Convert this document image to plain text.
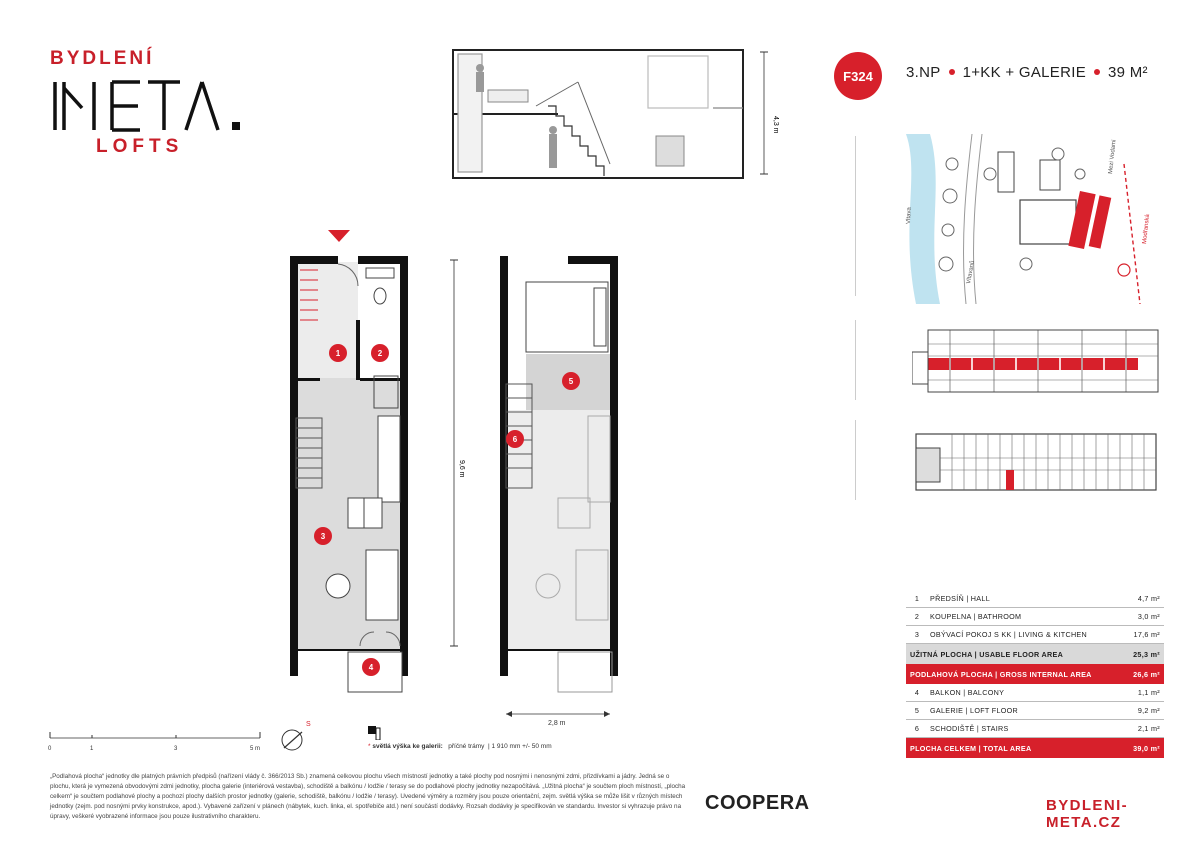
BYDLENÍ
LOFTS
4,3 m
9,6 m
2,8 m
1	2
3
4
5
6
F324	3.NP 1+KK + GALERIE 39 M²
Vltava
Vltavanů
Mezi Vodami
Modřanská
1	PŘEDSÍŇ | HALL	4,7 m²
2	KOUPELNA | BATHROOM	3,0 m²
3	OBÝVACÍ POKOJ S KK | LIVING & KITCHEN	17,6 m²
UŽITNÁ PLOCHA | USABLE FLOOR AREA	25,3 m²
PODLAHOVÁ PLOCHA | GROSS INTERNAL AREA	26,6 m²
4	BALKON | BALCONY	1,1 m²
5	GALERIE | LOFT FLOOR	9,2 m²
6	SCHODIŠTĚ | STAIRS	2,1 m²
PLOCHA CELKEM | TOTAL AREA	39,0 m²
0	1	3	5 m
S
* světlá výška ke galerii: příčné trámy  | 1 910 mm +/- 50 mm
„Podlahová plocha“ jednotky dle platných právních předpisů (nařízení vlády č. 366/2013 Sb.) znamená celkovou plochu všech místností jednotky a také plochy pod nosnými i nenosnými zdmi, přizdívkami a jádry. Jedná se o plochu, která je vymezená obvodovými zdmi jednotky, plocha galerie (interiérová vestavba), schodiště a balkónu / lodžie / terasy se do podlahové plochy jednotky nezapočítává. „Užitná plocha“ je součtem ploch místností, „plocha celkem“ je součtem podlahové plochy a pochozí plochy dalších prostor jednotky (galerie, schodiště, balkónu / lodžie / terasy). Uvedené výměry a rozměry jsou pouze orientační, zejm. světlá výška se může lišit v různých místech jednotky (zejm. pod nosnými prvky konstrukce, apod.). Vybavené zařízení v plánech (nábytek, kuch. linka, el. spotřebiče atd.) není součástí dodávky. Rozsah dodávky je specifikován ve standardu. Investor si vyhrazuje právo na úpravy, veškeré vyobrazené informace jsou pouze ilustrativního charakteru.
COOPERA	BYDLENI-META.CZ
